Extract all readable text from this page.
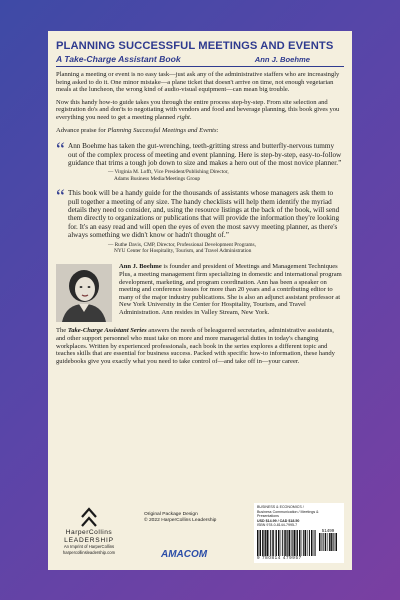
PLANNING SUCCESSFUL MEETINGS AND EVENTS
A Take-Charge Assistant Book	Ann J. Boehme

Planning a meeting or event is no easy task—just ask any of the administrative staffers who are increasingly being asked to do it. One minor mistake—a plane ticket that doesn't arrive on time, not enough vegetarian meals at the luncheon, the wrong kind of audio-visual equipment—can mean big trouble.

Now this handy how-to guide takes you through the entire process step-by-step. From site selection and registration do's and don'ts to negotiating with vendors and food and beverage planning, this book gives you everything you need to get a meeting planned right.

Advance praise for Planning Successful Meetings and Events:

“ Ann Boehme has taken the gut-wrenching, teeth-gritting stress and butterfly-nervous tummy out of the complex process of meeting and event planning. Here is step-by-step, easy-to-follow guidance that trims a tough job down to size and makes a hero out of the most novice planner.”
— Virginia M. Lofft, Vice President/Publishing Director,
Adams Business Media/Meetings Group
“ This book will be a handy guide for the thousands of assistants whose managers ask them to pull together a meeting of any size. The handy checklists will help them identify the myriad details they need to consider, and, using the resource listings at the back of the book, will send them directly to organizations or publications that will provide the information they're looking for. It's an easy read and will open the eyes of even the most savvy meeting planner, as there's always something we didn't know or hadn't thought of.”
— Ruthe Davis, CMP, Director, Professional Development Programs,
NYU Center for Hospitality, Tourism, and Travel Administration

Ann J. Boehme is founder and president of Meetings and Management Techniques Plus, a meeting management firm specializing in domestic and international program development, marketing, and program coordination. Ann has been a speaker on meeting and conference issues for more than 20 years and a contributing editor to many of the major industry publications. She is also an adjunct assistant professor at New York University in the Center for Hospitality, Tourism, and Travel Administration. Ann resides in Valley Stream, New York.

The Take-Charge Assistant Series answers the needs of beleaguered secretaries, administrative assistants, and other support personnel who must take on more and more managerial duties in today's changing workplaces. Written by experienced professionals, each book in the series explores a different topic and teaches skills that are essential for business success. Packed with specific how-to information, these handy guidebooks give you exactly what you need to take control of—and take off in—your career.

HarperCollins
LEADERSHIP
An Imprint of HarperCollins
harpercollinsleadership.com
Original Package Design
© 2022 HarperCollins Leadership
AMACOM
BUSINESS & ECONOMICS /
Business Communication / Meetings & Presentations
USD $14.99 / CAD $18.50
ISBN 978-0-8144-7995-7
51499
9 780814 479957
